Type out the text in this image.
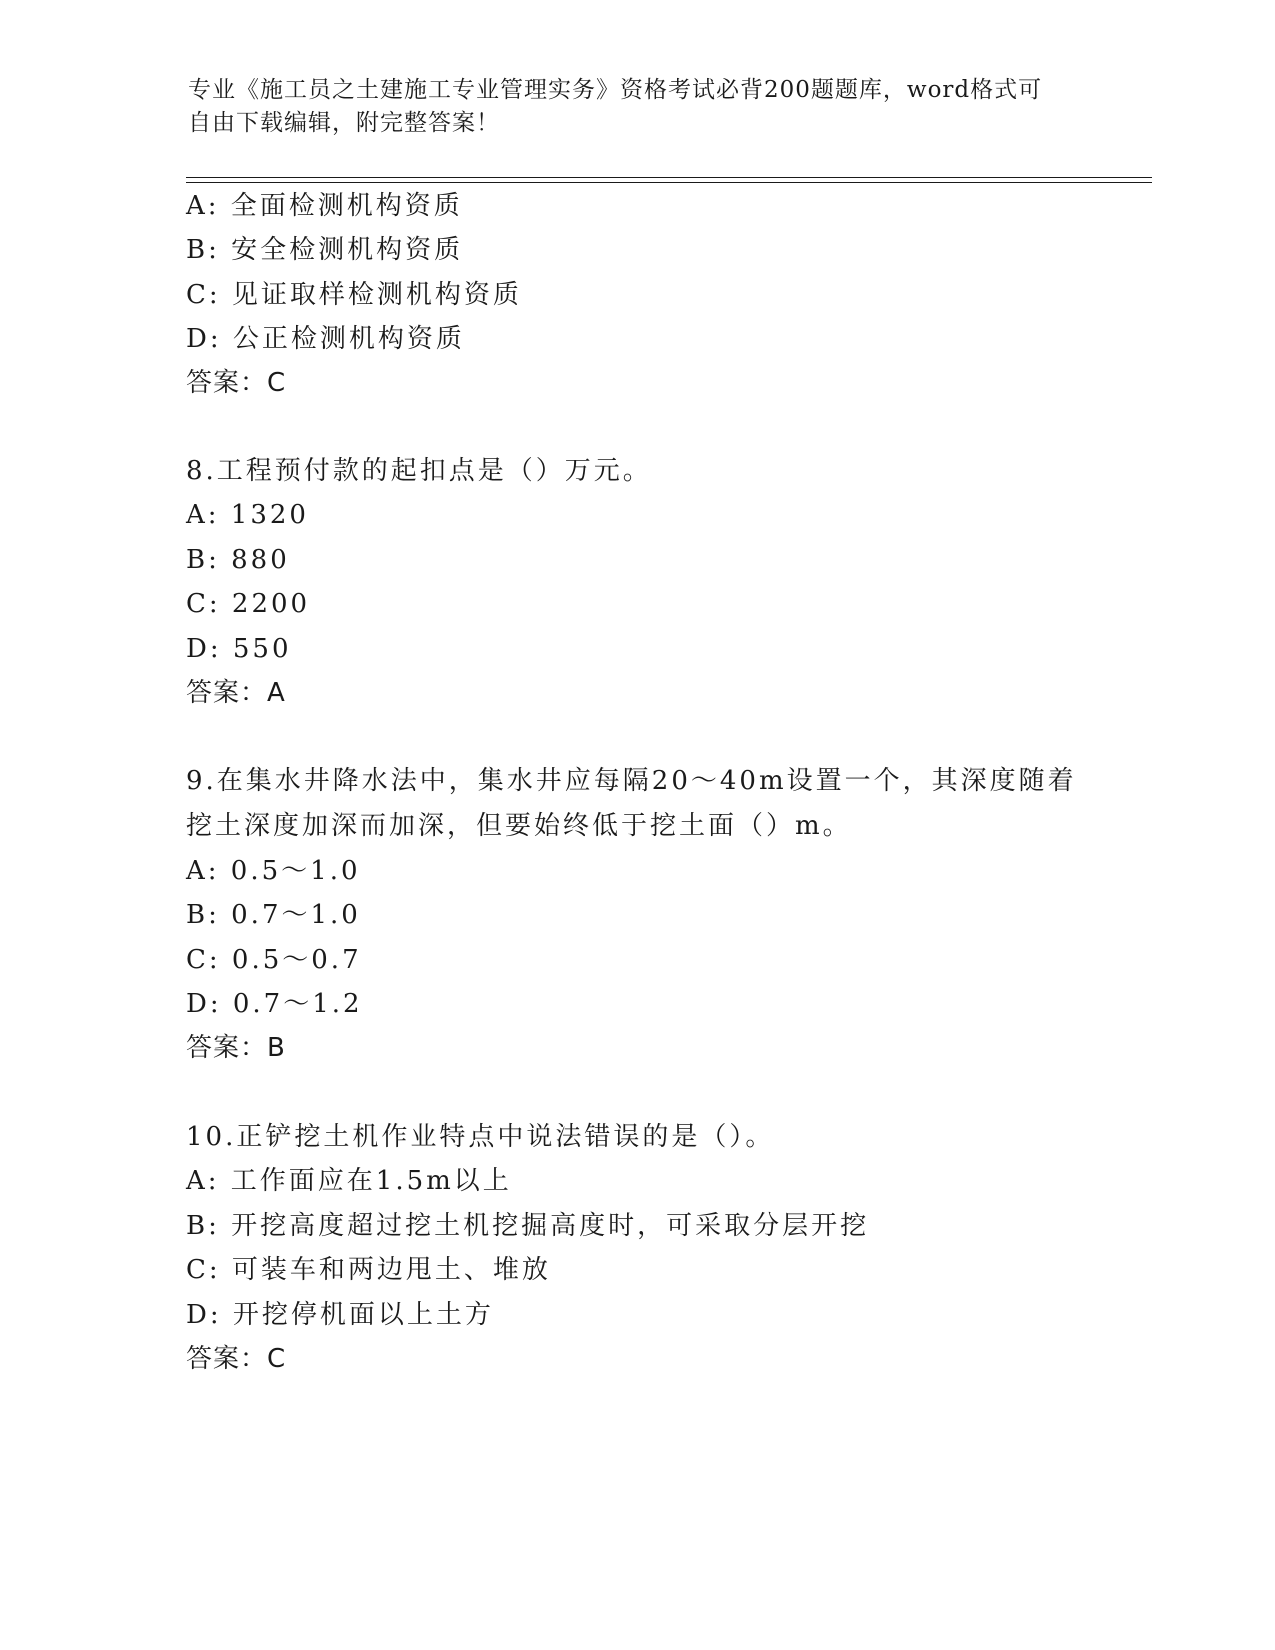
专业《施工员之土建施工专业管理实务》资格考试必背200题题库，word格式可
自由下载编辑，附完整答案！
A: 全面检测机构资质
B: 安全检测机构资质
C: 见证取样检测机构资质
D: 公正检测机构资质
答案：C
8.工程预付款的起扣点是（）万元。
A: 1320
B: 880
C: 2200
D: 550
答案：A
9.在集水井降水法中，集水井应每隔20～40m设置一个，其深度随着
挖土深度加深而加深，但要始终低于挖土面（）m。
A: 0.5～1.0
B: 0.7～1.0
C: 0.5～0.7
D: 0.7～1.2
答案：B
10.正铲挖土机作业特点中说法错误的是（）。
A: 工作面应在1.5m以上
B: 开挖高度超过挖土机挖掘高度时，可采取分层开挖
C: 可装车和两边甩土、堆放
D: 开挖停机面以上土方
答案：C
